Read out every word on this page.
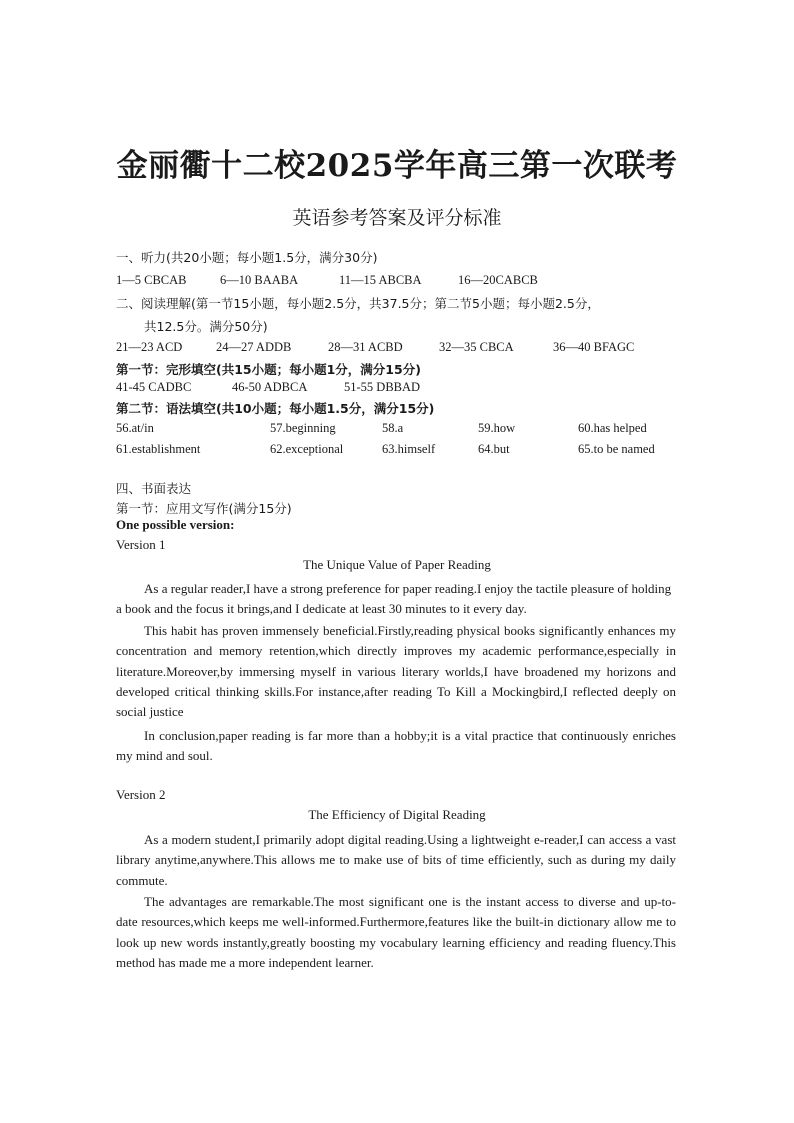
金丽衢十二校2025学年高三第一次联考
英语参考答案及评分标准
一、听力(共20小题；每小题1.5分，满分30分)
1—5 CBCAB	6—10 BAABA	11—15 ABCBA	16—20CABCB
二、阅读理解(第一节15小题，每小题2.5分，共37.5分；第二节5小题；每小题2.5分，
共12.5分。满分50分)
21—23 ACD	24—27 ADDB	28—31 ACBD	32—35 CBCA	36—40 BFAGC
第一节：完形填空(共15小题；每小题1分，满分15分)
41-45 CADBC	46-50 ADBCA	51-55 DBBAD
第二节：语法填空(共10小题；每小题1.5分，满分15分)
56.at/in	57.beginning	58.a	59.how	60.has helped
61.establishment	62.exceptional	63.himself	64.but	65.to be named
四、书面表达
第一节：应用文写作(满分15分)
One possible version:
Version 1
The Unique Value of Paper Reading

As a regular reader,I have a strong preference for paper reading.I enjoy the tactile pleasure of holding a book and the focus it brings,and I dedicate at least 30 minutes to it every day.

This habit has proven immensely beneficial.Firstly,reading physical books significantly enhances my concentration and memory retention,which directly improves my academic performance,especially in literature.Moreover,by immersing myself in various literary worlds,I have broadened my horizons and developed critical thinking skills.For instance,after reading To Kill a Mockingbird,I reflected deeply on social justice

In conclusion,paper reading is far more than a hobby;it is a vital practice that continuously enriches my mind and soul.

Version 2
The Efficiency of Digital Reading

As a modern student,I primarily adopt digital reading.Using a lightweight e-reader,I can access a vast library anytime,anywhere.This allows me to make use of bits of time efficiently, such as during my daily commute.

The advantages are remarkable.The most significant one is the instant access to diverse and up-to-date resources,which keeps me well-informed.Furthermore,features like the built-in dictionary allow me to look up new words instantly,greatly boosting my vocabulary learning efficiency and reading fluency.This method has made me a more independent learner.
